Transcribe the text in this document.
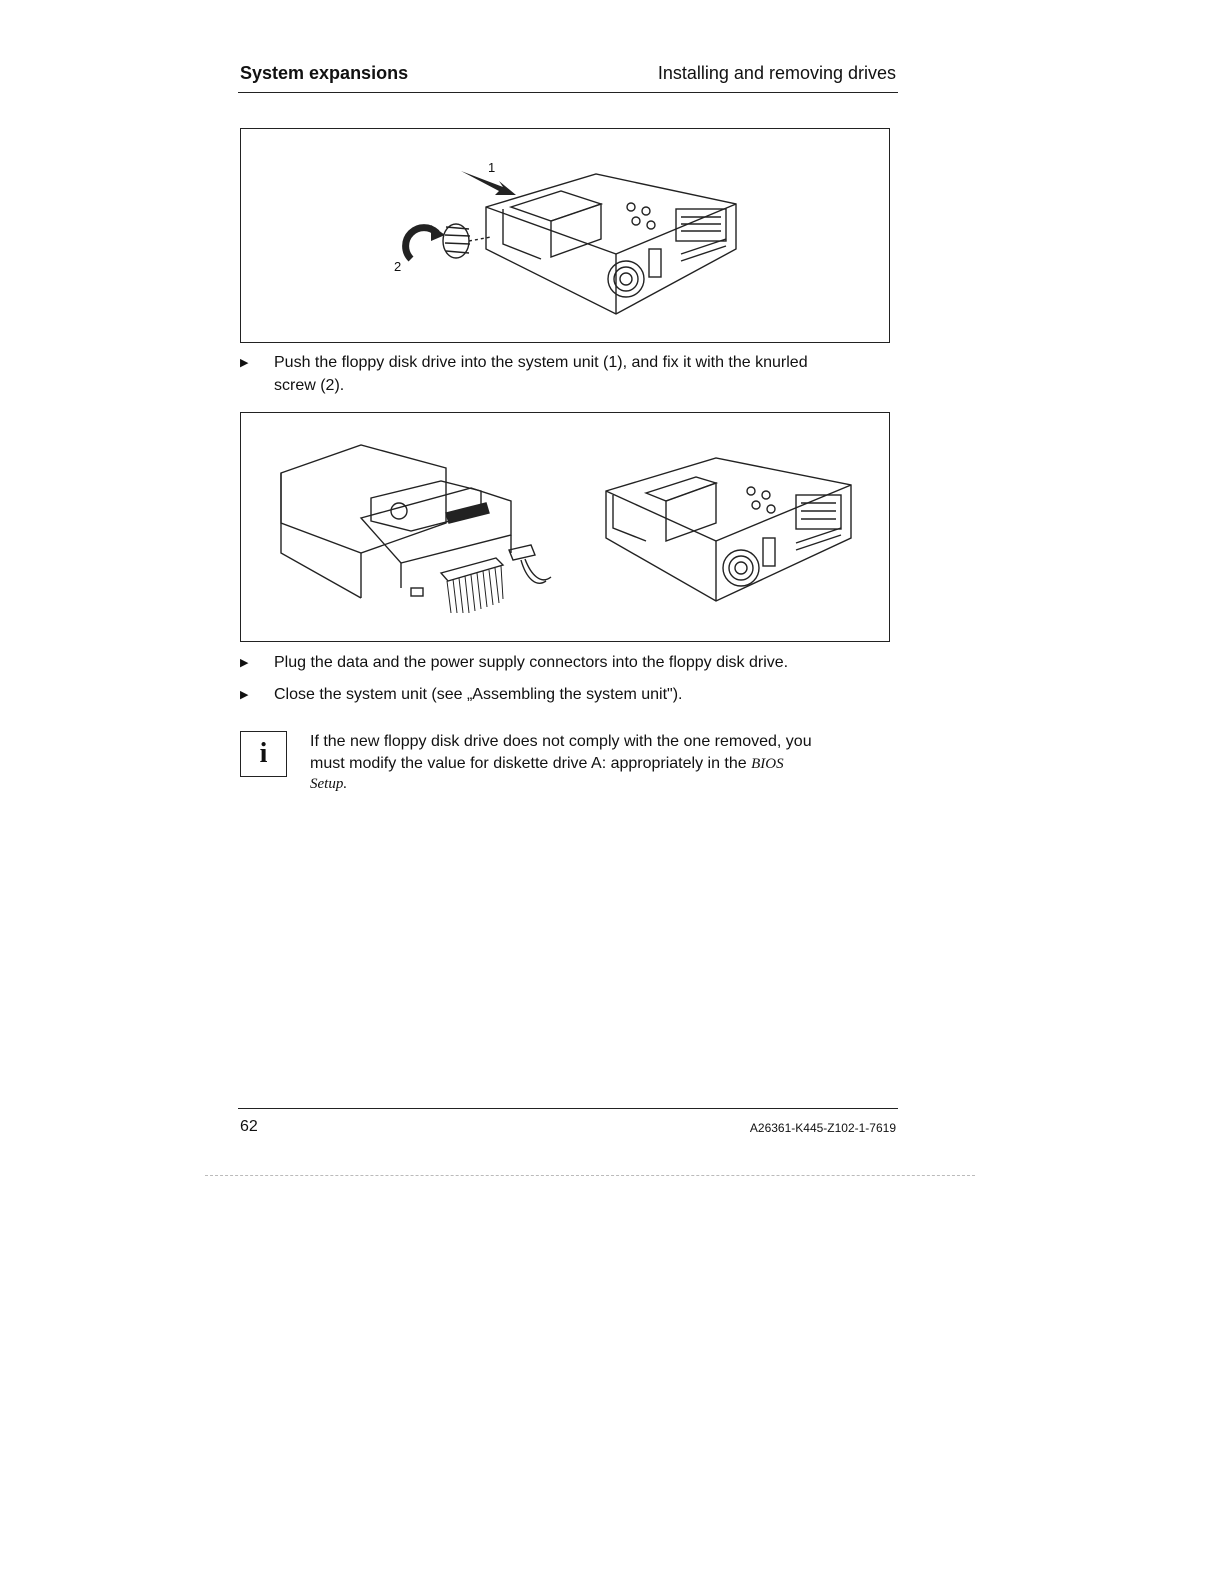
System expansions	Installing and removing drives
1
2
▶ Push the floppy disk drive into the system unit (1), and fix it with the knurled
screw (2).
▶ Plug the data and the power supply connectors into the floppy disk drive.
▶ Close the system unit (see „Assembling the system unit").
i	If the new floppy disk drive does not comply with the one removed, you
must modify the value for diskette drive A: appropriately in the BIOS
Setup.
62	A26361-K445-Z102-1-7619
